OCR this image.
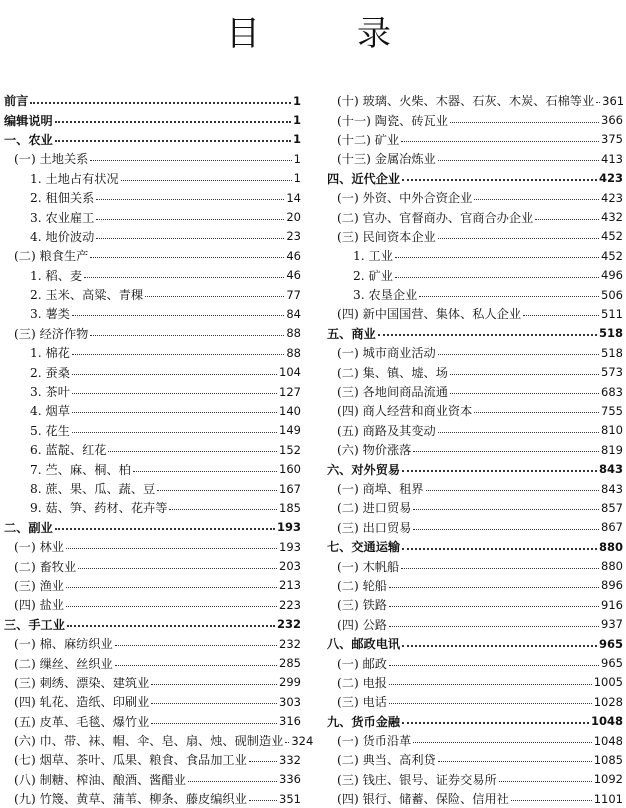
目	录
前言	1
编辑说明	1
一、农业	1
(一) 土地关系	1
1. 土地占有状况	1
2. 租佃关系	14
3. 农业雇工	20
4. 地价波动	23
(二) 粮食生产	46
1. 稻、麦	46
2. 玉米、高粱、青稞	77
3. 薯类	84
(三) 经济作物	88
1. 棉花	88
2. 蚕桑	104
3. 茶叶	127
4. 烟草	140
5. 花生	149
6. 蓝靛、红花	152
7. 苎、麻、桐、柏	160
8. 蔗、果、瓜、蔬、豆	167
9. 菇、笋、药材、花卉等	185
二、副业	193
(一) 林业	193
(二) 畜牧业	203
(三) 渔业	213
(四) 盐业	223
三、手工业	232
(一) 棉、麻纺织业	232
(二) 缫丝、丝织业	285
(三) 刺绣、漂染、建筑业	299
(四) 轧花、造纸、印刷业	303
(五) 皮革、毛毯、爆竹业	316
(六) 巾、带、袜、帽、伞、皂、扇、烛、砚制造业 324
(七) 烟草、茶叶、瓜果、粮食、食品加工业	332
(八) 制糖、榨油、酿酒、酱醋业	336
(九) 竹篾、黄草、蒲苇、柳条、藤皮编织业	351
(十) 玻璃、火柴、木器、石灰、木炭、石棉等业 361
(十一) 陶瓷、砖瓦业	366
(十二) 矿业	375
(十三) 金属冶炼业	413
四、近代企业	423
(一) 外资、中外合资企业	423
(二) 官办、官督商办、官商合办企业	432
(三) 民间资本企业	452
1. 工业	452
2. 矿业	496
3. 农垦企业	506
(四) 新中国国营、集体、私人企业	511
五、商业	518
(一) 城市商业活动	518
(二) 集、镇、墟、场	573
(三) 各地间商品流通	683
(四) 商人经营和商业资本	755
(五) 商路及其变动	810
(六) 物价涨落	819
六、对外贸易	843
(一) 商埠、租界	843
(二) 进口贸易	857
(三) 出口贸易	867
七、交通运输	880
(一) 木帆船	880
(二) 轮船	896
(三) 铁路	916
(四) 公路	937
八、邮政电讯	965
(一) 邮政	965
(二) 电报	1005
(三) 电话	1028
九、货币金融	1048
(一) 货币沿革	1048
(二) 典当、高利贷	1085
(三) 钱庄、银号、证券交易所	1092
(四) 银行、储蓄、保险、信用社	1101
